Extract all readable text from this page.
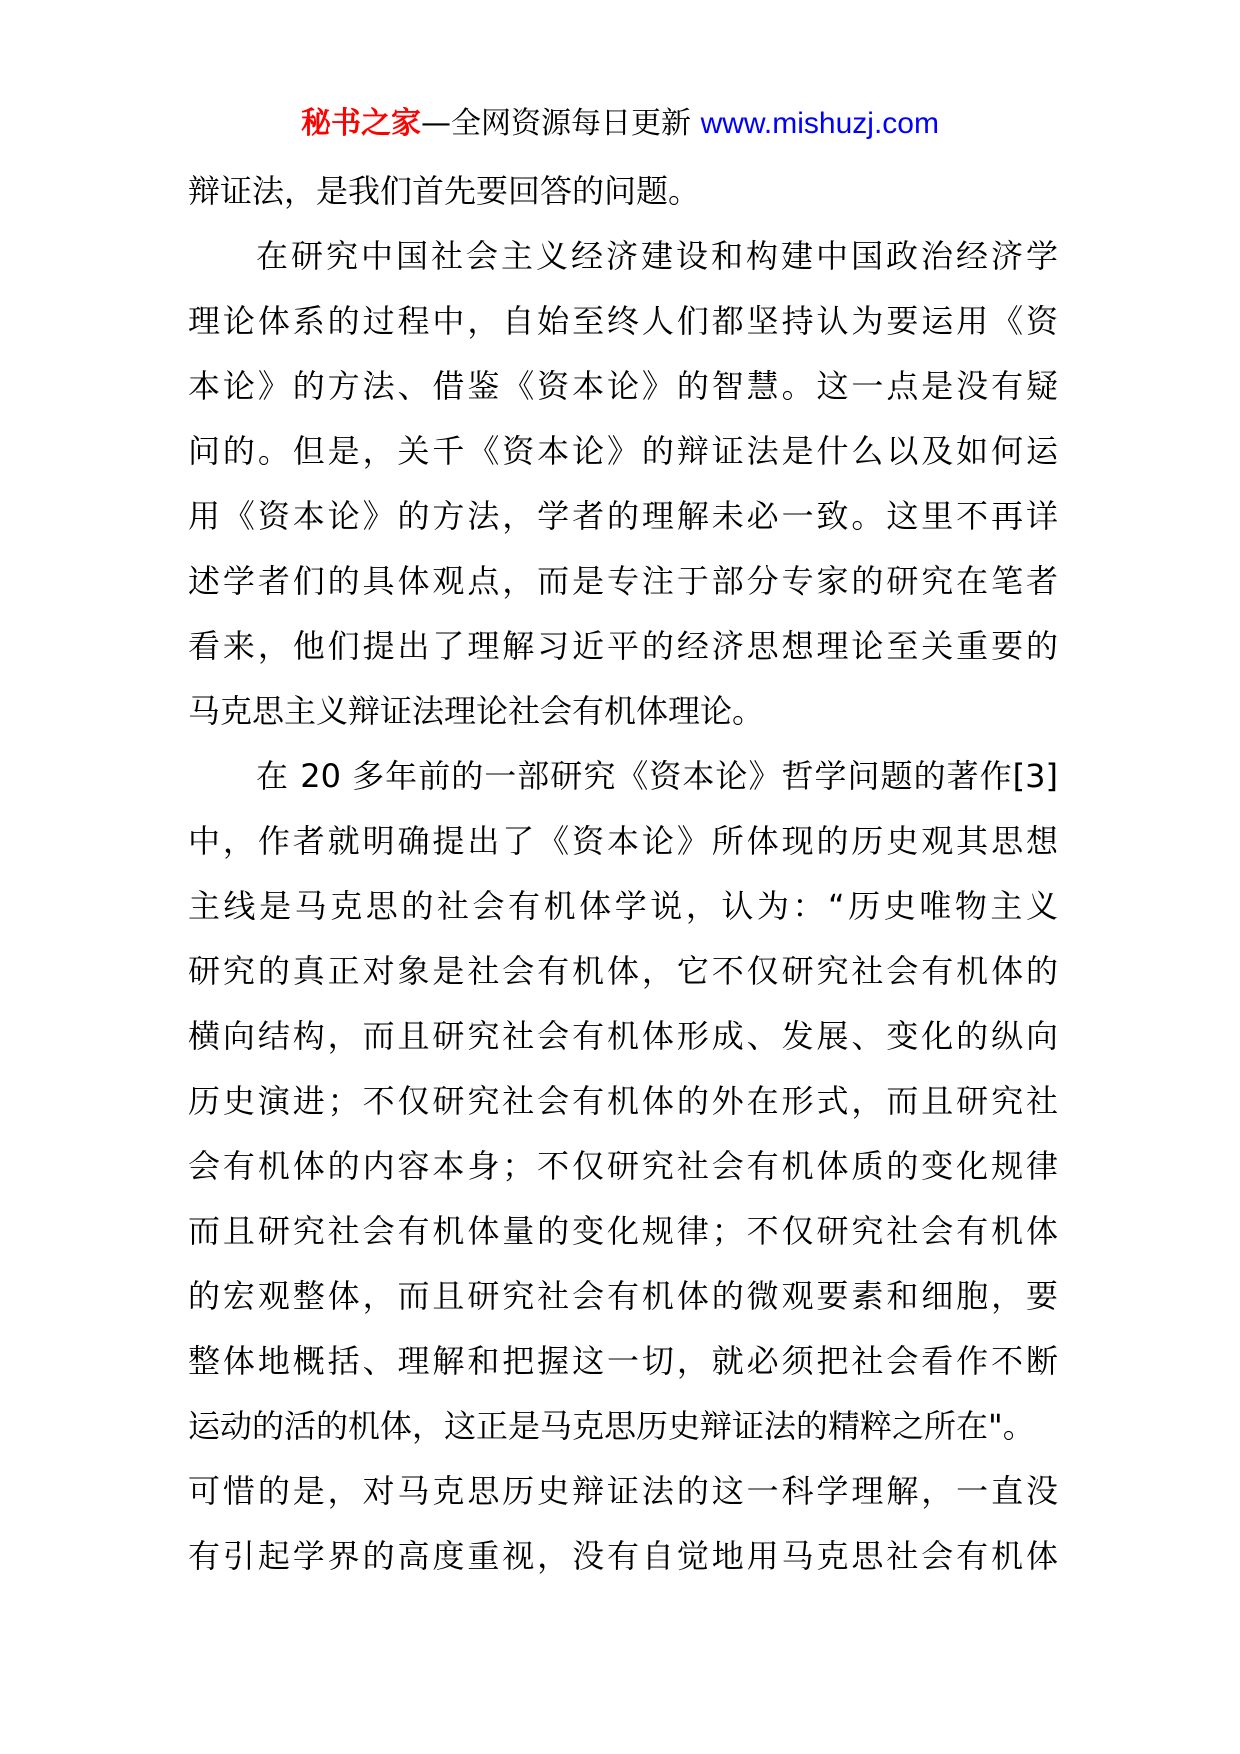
秘书之家—全网资源每日更新 www.mishuzj.com
辩证法，是我们首先要回答的问题。
在研究中国社会主义经济建设和构建中国政治经济学
理论体系的过程中，自始至终人们都坚持认为要运用《资
本论》的方法、借鉴《资本论》的智慧。这一点是没有疑
问的。但是，关千《资本论》的辩证法是什么以及如何运
用《资本论》的方法，学者的理解未必一致。这里不再详
述学者们的具体观点，而是专注于部分专家的研究在笔者
看来，他们提出了理解习近平的经济思想理论至关重要的
马克思主义辩证法理论社会有机体理论。
在 20 多年前的一部研究《资本论》哲学问题的著作[3]
中，作者就明确提出了《资本论》所体现的历史观其思想
主线是马克思的社会有机体学说，认为：“历史唯物主义
研究的真正对象是社会有机体，它不仅研究社会有机体的
横向结构，而且研究社会有机体形成、发展、变化的纵向
历史演进；不仅研究社会有机体的外在形式，而且研究社
会有机体的内容本身；不仅研究社会有机体质的变化规律
而且研究社会有机体量的变化规律；不仅研究社会有机体
的宏观整体，而且研究社会有机体的微观要素和细胞，要
整体地概括、理解和把握这一切，就必须把社会看作不断
运动的活的机体，这正是马克思历史辩证法的精粹之所在"。
可惜的是，对马克思历史辩证法的这一科学理解，一直没
有引起学界的高度重视，没有自觉地用马克思社会有机体
